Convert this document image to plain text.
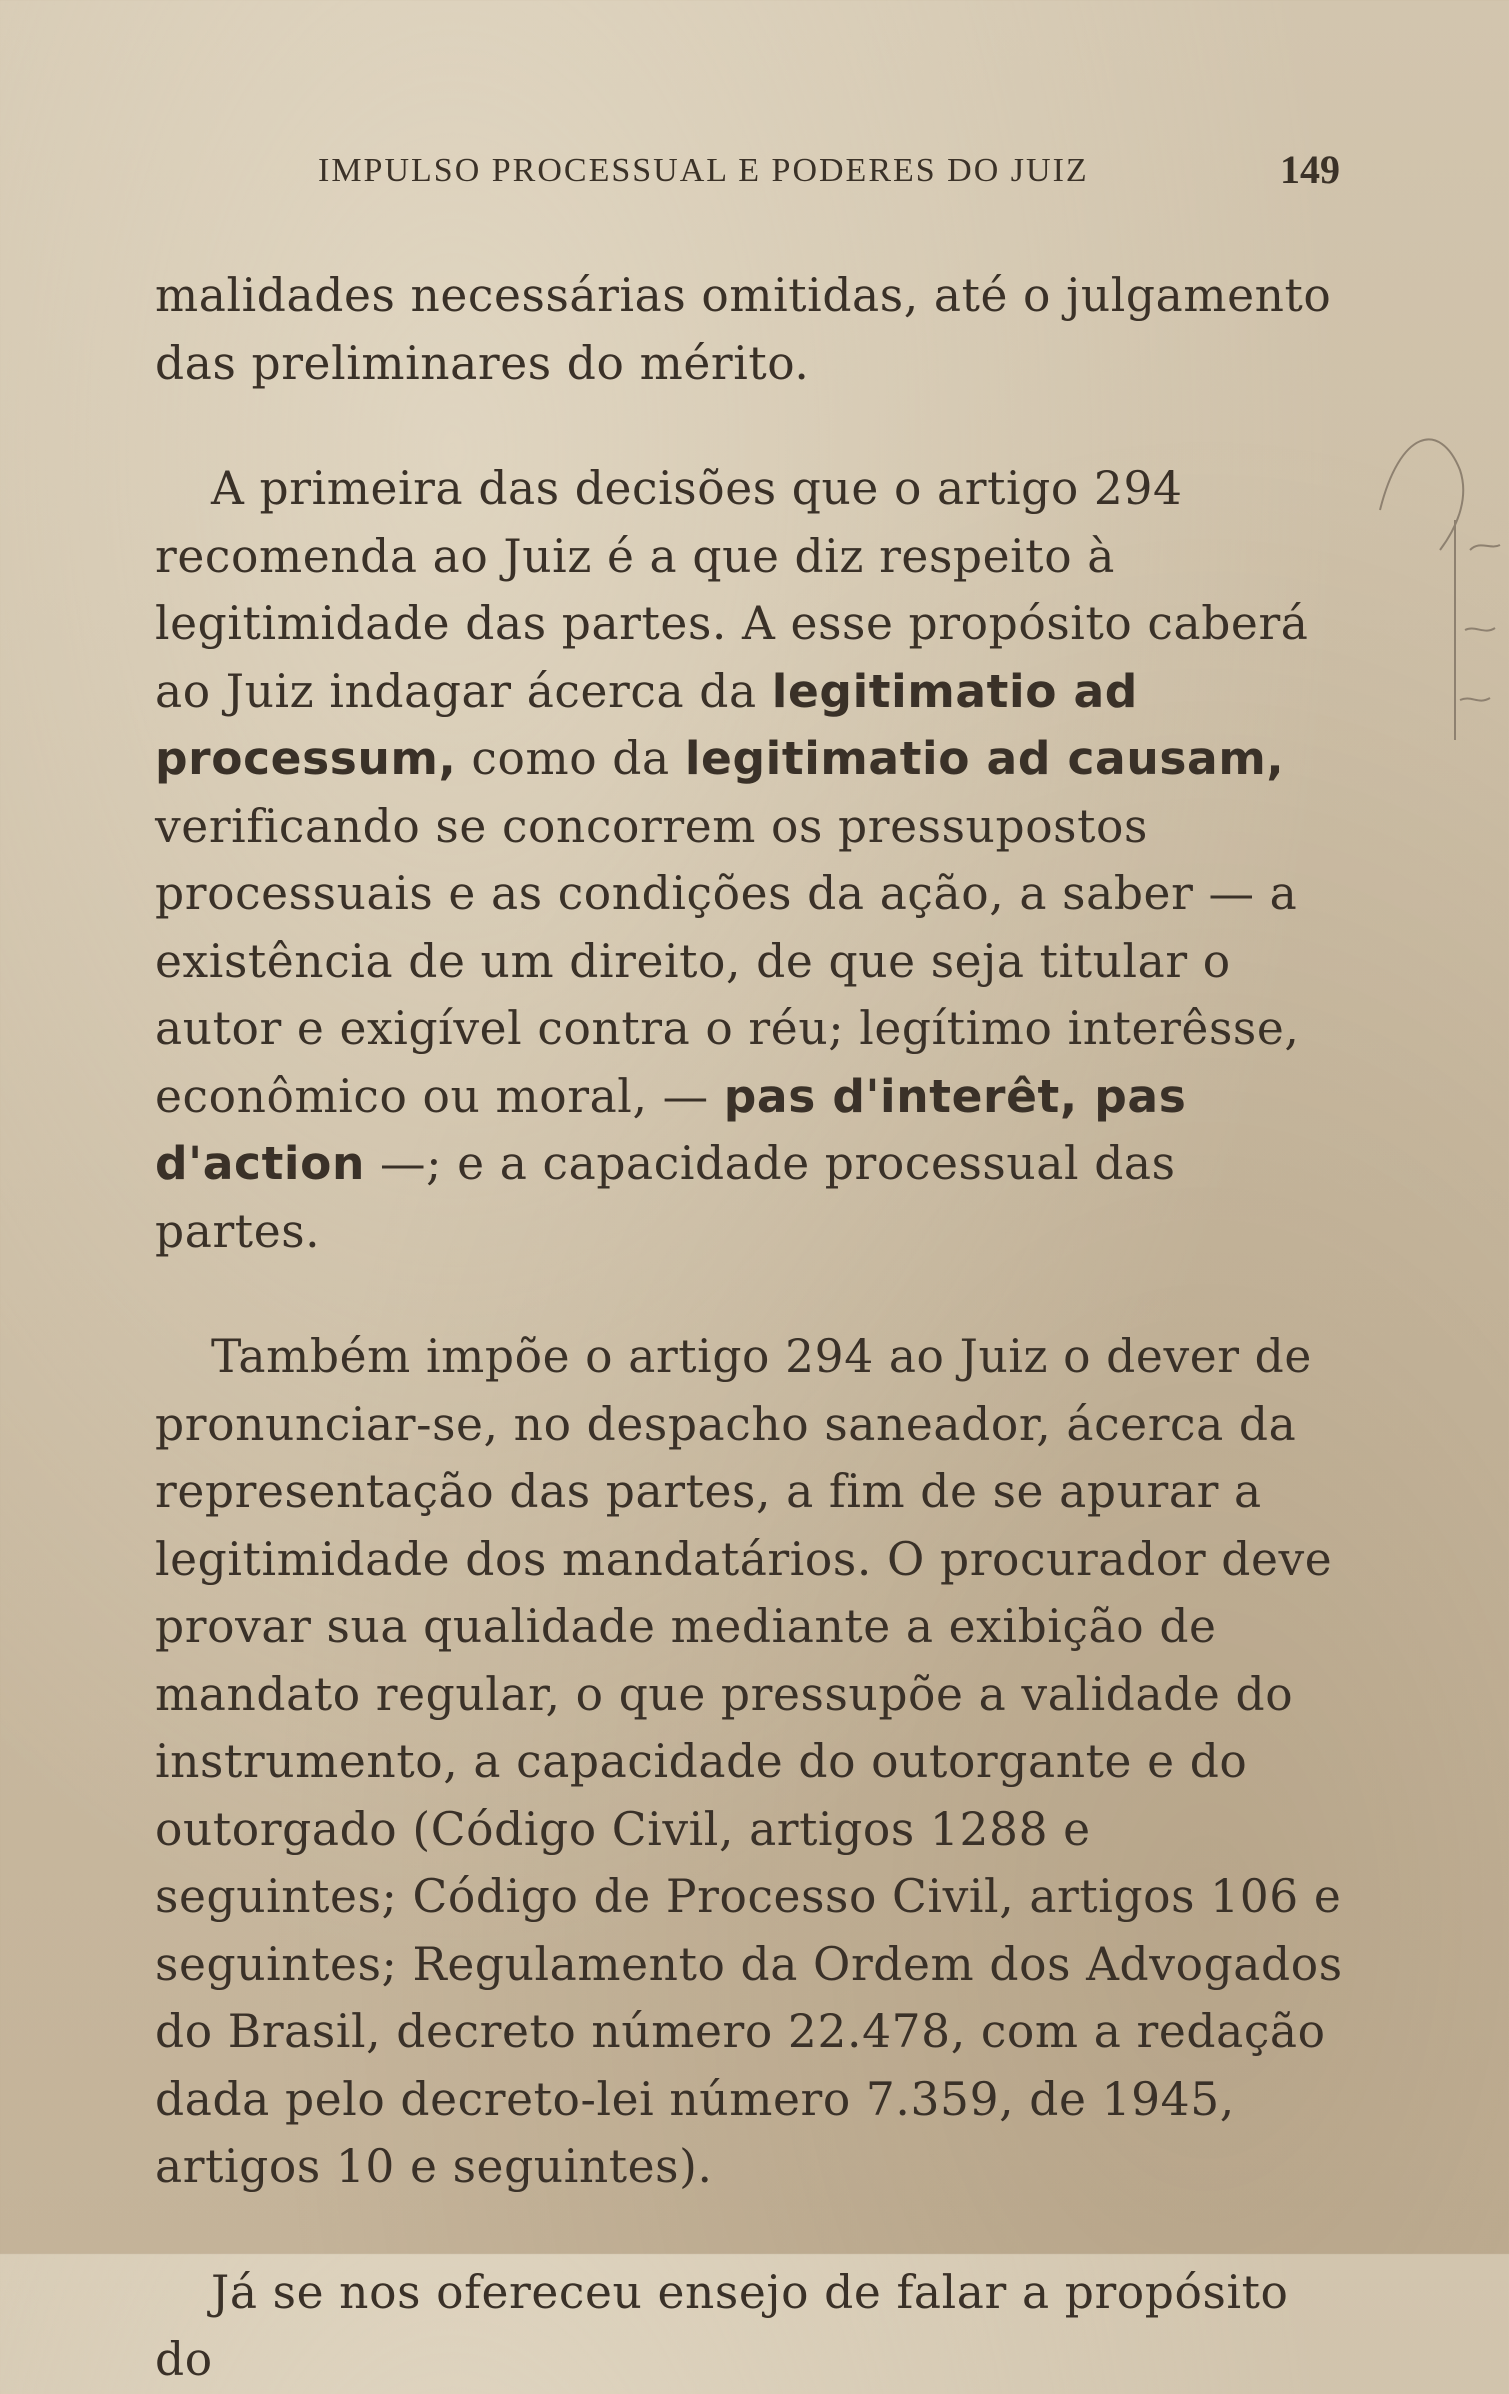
IMPULSO PROCESSUAL E PODERES DO JUIZ	149

malidades necessárias omitidas, até o julgamento das preliminares do mérito.

A primeira das decisões que o artigo 294 recomenda ao Juiz é a que diz respeito à legitimidade das partes. A esse propósito caberá ao Juiz indagar ácerca da legitimatio ad processum, como da legitimatio ad causam, verificando se concorrem os pressupostos processuais e as condições da ação, a saber — a existência de um direito, de que seja titular o autor e exigível contra o réu; legítimo interêsse, econômico ou moral, — pas d'interêt, pas d'action —; e a capacidade processual das partes.

Também impõe o artigo 294 ao Juiz o dever de pronunciar-se, no despacho saneador, ácerca da representação das partes, a fim de se apurar a legitimidade dos mandatários. O procurador deve provar sua qualidade mediante a exibição de mandato regular, o que pressupõe a validade do instrumento, a capacidade do outorgante e do outorgado (Código Civil, artigos 1288 e seguintes; Código de Processo Civil, artigos 106 e seguintes; Regulamento da Ordem dos Advogados do Brasil, decreto número 22.478, com a redação dada pelo decreto-lei número 7.359, de 1945, artigos 10 e seguintes).

Já se nos ofereceu ensejo de falar a propósito do
